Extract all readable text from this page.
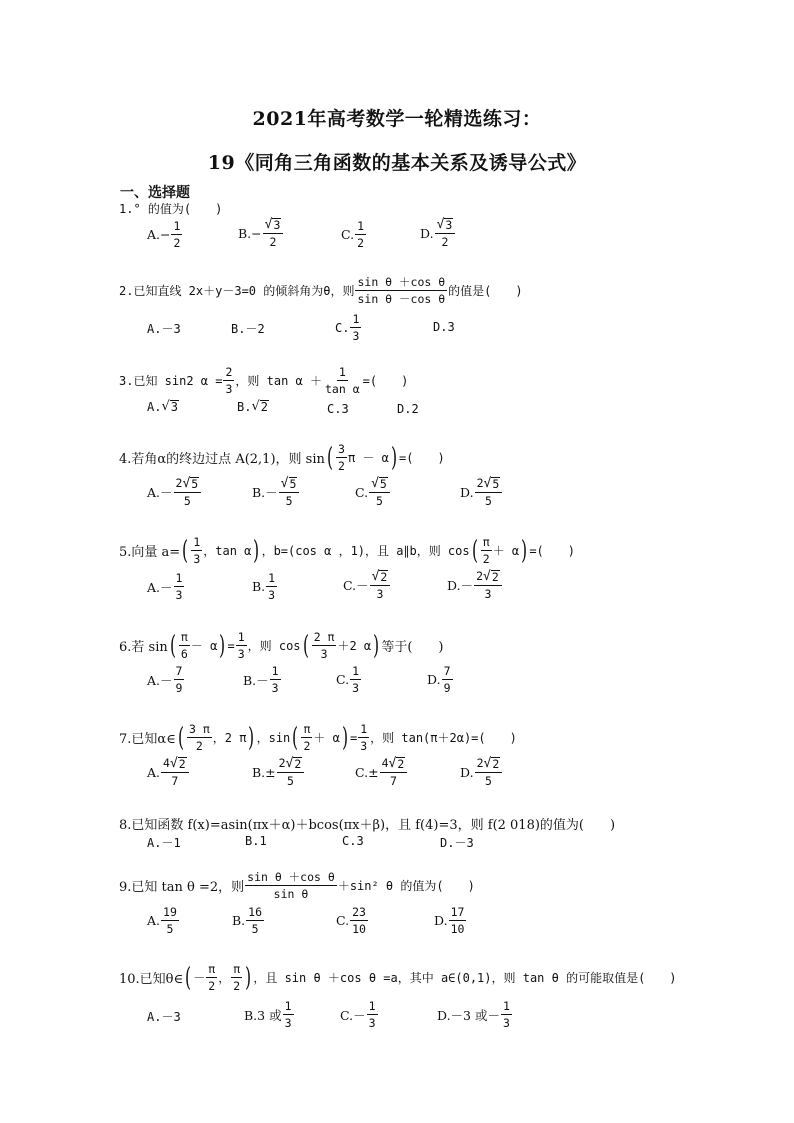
2021年高考数学一轮精选练习：
19《同角三角函数的基本关系及诱导公式》
一、选择题
1.° 的值为(　　)
$A.- \frac{1}{2}$	$B.- \frac{√ 3}{2}$	C. $\frac{1}{2}$	D. $\frac{√ 3}{2}$
2.已知直线 2x＋y－3=0 的倾斜角为θ，则 $\frac{\text{sin θ ＋cos θ}}{\text{sin θ －cos θ}}$ 的值是(　　)
A.－3	B.－2	C. $\frac{1}{3}$	D.3
3.已知 sin2 $\alpha = \frac{2}{3}$ ，则 $\tan \alpha + \frac{1}{\text{tan α}}$ =(　　)
A. √ 3	B. √ 2	C.3	D.2
4.若角α的终边过点 A(2,1)，则 sin ( $\frac{3}{2}$ π － α ) =(　　)
$A.- \frac{2 √ 5}{5}$	$B.- \frac{√ 5}{5}$	C. $\frac{√ 5}{5}$	D. $\frac{2 √ 5}{5}$
5.向量 a= ( $\frac{1}{3}$ ，tan α ) ，b=(cos α ，1)，且 a∥b，则 cos ( $\frac{\pi}{2} + \alpha$ ) =(　　)
$A.- \frac{1}{3}$	B. $\frac{1}{3}$	$C.- \frac{√ 2}{3}$	$D.- \frac{2 √ 2}{3}$
6.若 sin ( $\frac{\pi}{6} - \alpha$ ) = $\frac{1}{3}$ ，则 cos ( $\frac{2 \pi}{3} +2$ α ) 等于(　　)
$A.- \frac{7}{9}$	$B.- \frac{1}{3}$	C. $\frac{1}{3}$	D. $\frac{7}{9}$
7.已知α∈ ( $\frac{3 \pi}{2}$ ，2 π ) ，sin ( $\frac{\pi}{2} + \alpha$ ) = $\frac{1}{3}$ ，则 tan(π＋2α)=(　　)
A. $\frac{4 √ 2}{7}$	$B.\pm \frac{2 √ 2}{5}$	$C.\pm \frac{4 √ 2}{7}$	D. $\frac{2 √ 2}{5}$
8.已知函数 f(x)=asin(πx＋α)＋bcos(πx＋β)，且 f(4)=3，则 f(2 018)的值为(　　)
A.－1	B.1	C.3	D.－3
9.已知 tan θ =2，则 $\frac{\text{sin θ ＋cos θ}}{\text{sin θ}} +\sin^2$ θ 的值为(　　)
A. $\frac{19}{5}$	B. $\frac{16}{5}$	C. $\frac{23}{10}$	D. $\frac{17}{10}$
10.已知θ∈ ( － $\frac{\pi}{2}$ ， $\frac{\pi}{2}$ ) ，且 sin θ ＋cos θ =a，其中 a∈(0,1)，则 tan θ 的可能取值是(　　)
A.－3	B.3 或 $\frac{1}{3}$	$C.- \frac{1}{3}$	D.－3 或－ $\frac{1}{3}$
